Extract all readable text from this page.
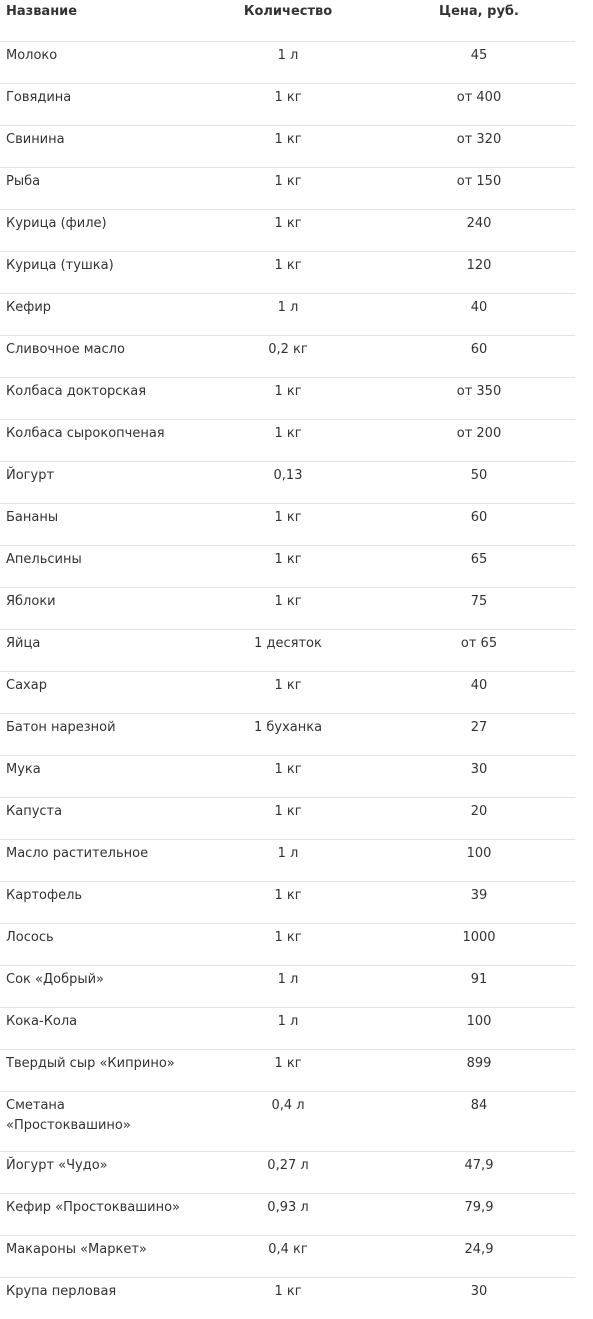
Название	Количество	Цена, руб.
Молоко	1 л	45
Говядина	1 кг	от 400
Свинина	1 кг	от 320
Рыба	1 кг	от 150
Курица (филе)	1 кг	240
Курица (тушка)	1 кг	120
Кефир	1 л	40
Сливочное масло	0,2 кг	60
Колбаса докторская	1 кг	от 350
Колбаса сырокопченая	1 кг	от 200
Йогурт	0,13	50
Бананы	1 кг	60
Апельсины	1 кг	65
Яблоки	1 кг	75
Яйца	1 десяток	от 65
Сахар	1 кг	40
Батон нарезной	1 буханка	27
Мука	1 кг	30
Капуста	1 кг	20
Масло растительное	1 л	100
Картофель	1 кг	39
Лосось	1 кг	1000
Сок «Добрый»	1 л	91
Кока-Кола	1 л	100
Твердый сыр «Киприно»	1 кг	899
Сметана «Простоквашино»	0,4 л	84
Йогурт «Чудо»	0,27 л	47,9
Кефир «Простоквашино»	0,93 л	79,9
Макароны «Маркет»	0,4 кг	24,9
Крупа перловая	1 кг	30
